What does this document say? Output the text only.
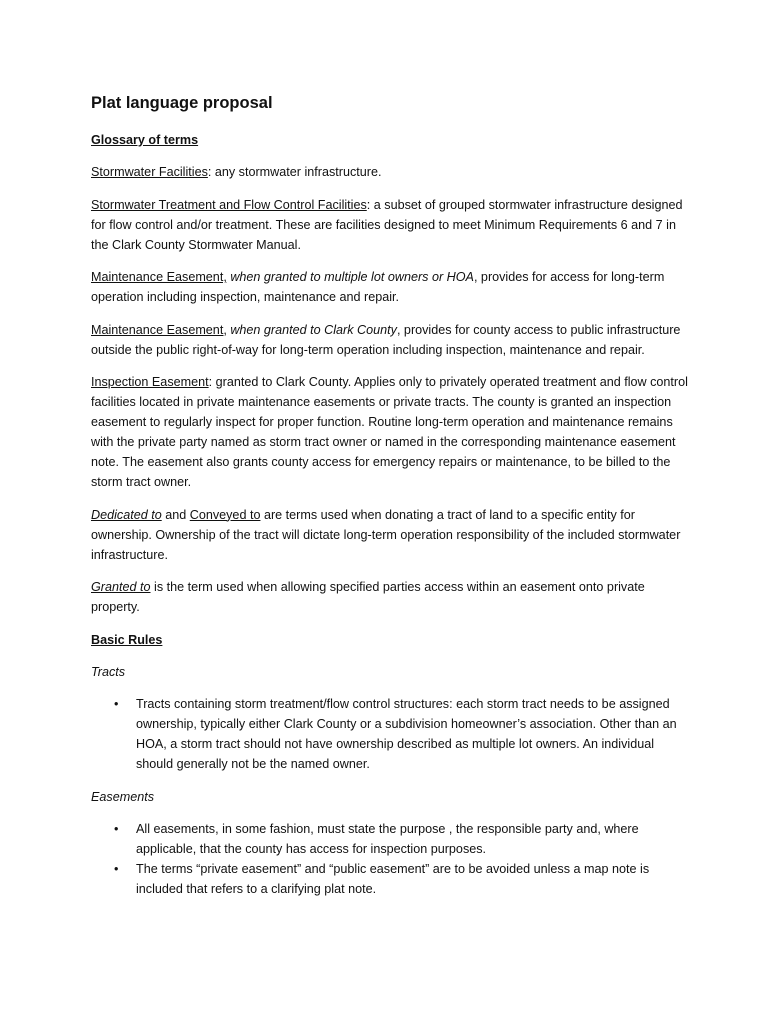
Plat language proposal
Glossary of terms

Stormwater Facilities: any stormwater infrastructure.

Stormwater Treatment and Flow Control Facilities: a subset of grouped stormwater infrastructure designed for flow control and/or treatment. These are facilities designed to meet Minimum Requirements 6 and 7 in the Clark County Stormwater Manual.

Maintenance Easement, when granted to multiple lot owners or HOA, provides for access for long-term operation including inspection, maintenance and repair.

Maintenance Easement, when granted to Clark County, provides for county access to public infrastructure outside the public right-of-way for long-term operation including inspection, maintenance and repair.

Inspection Easement: granted to Clark County. Applies only to privately operated treatment and flow control facilities located in private maintenance easements or private tracts. The county is granted an inspection easement to regularly inspect for proper function. Routine long-term operation and maintenance remains with the private party named as storm tract owner or named in the corresponding maintenance easement note. The easement also grants county access for emergency repairs or maintenance, to be billed to the storm tract owner.

Dedicated to and Conveyed to are terms used when donating a tract of land to a specific entity for ownership. Ownership of the tract will dictate long-term operation responsibility of the included stormwater infrastructure.

Granted to is the term used when allowing specified parties access within an easement onto private property.

Basic Rules
Tracts
• Tracts containing storm treatment/flow control structures: each storm tract needs to be assigned ownership, typically either Clark County or a subdivision homeowner’s association. Other than an HOA, a storm tract should not have ownership described as multiple lot owners. An individual should generally not be the named owner.
Easements
• All easements, in some fashion, must state the purpose , the responsible party and, where applicable, that the county has access for inspection purposes.
• The terms “private easement” and “public easement” are to be avoided unless a map note is included that refers to a clarifying plat note.
